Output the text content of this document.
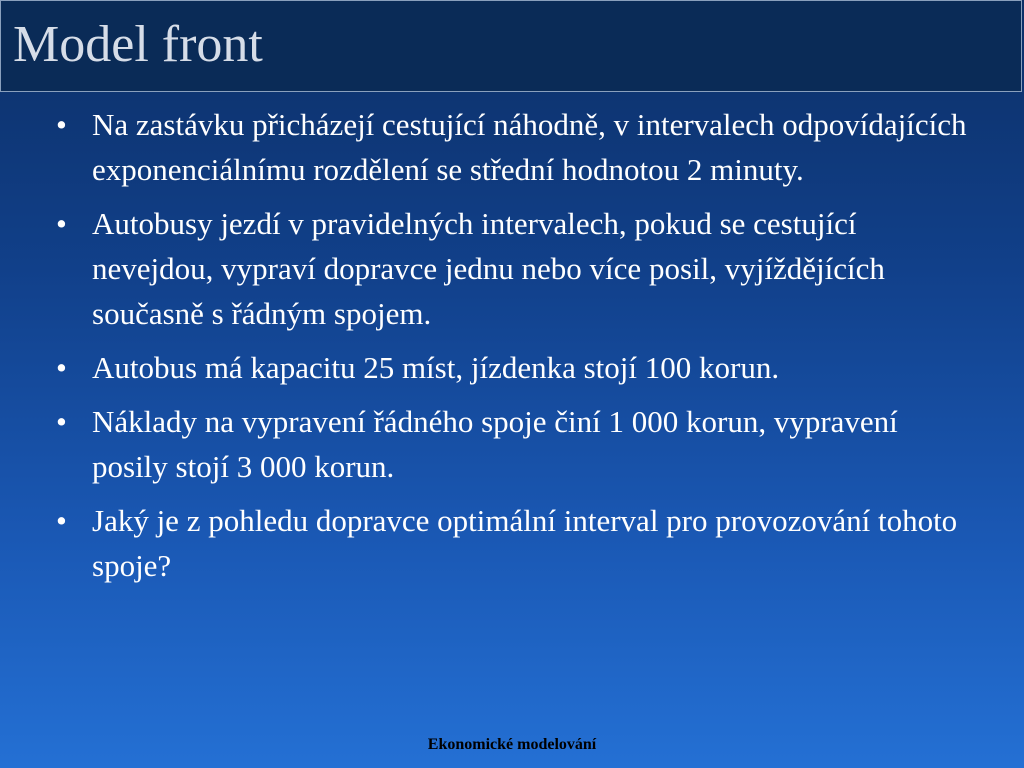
Model front
• Na zastávku přicházejí cestující náhodně, v intervalech odpovídajících exponenciálnímu rozdělení se střední hodnotou 2 minuty.
• Autobusy jezdí v pravidelných intervalech, pokud se cestující nevejdou, vypraví dopravce jednu nebo více posil, vyjíždějících současně s řádným spojem.
• Autobus má kapacitu 25 míst, jízdenka stojí 100 korun.
• Náklady na vypravení řádného spoje činí 1 000 korun, vypravení posily stojí 3 000 korun.
• Jaký je z pohledu dopravce optimální interval pro provozování tohoto spoje?
Ekonomické modelování
